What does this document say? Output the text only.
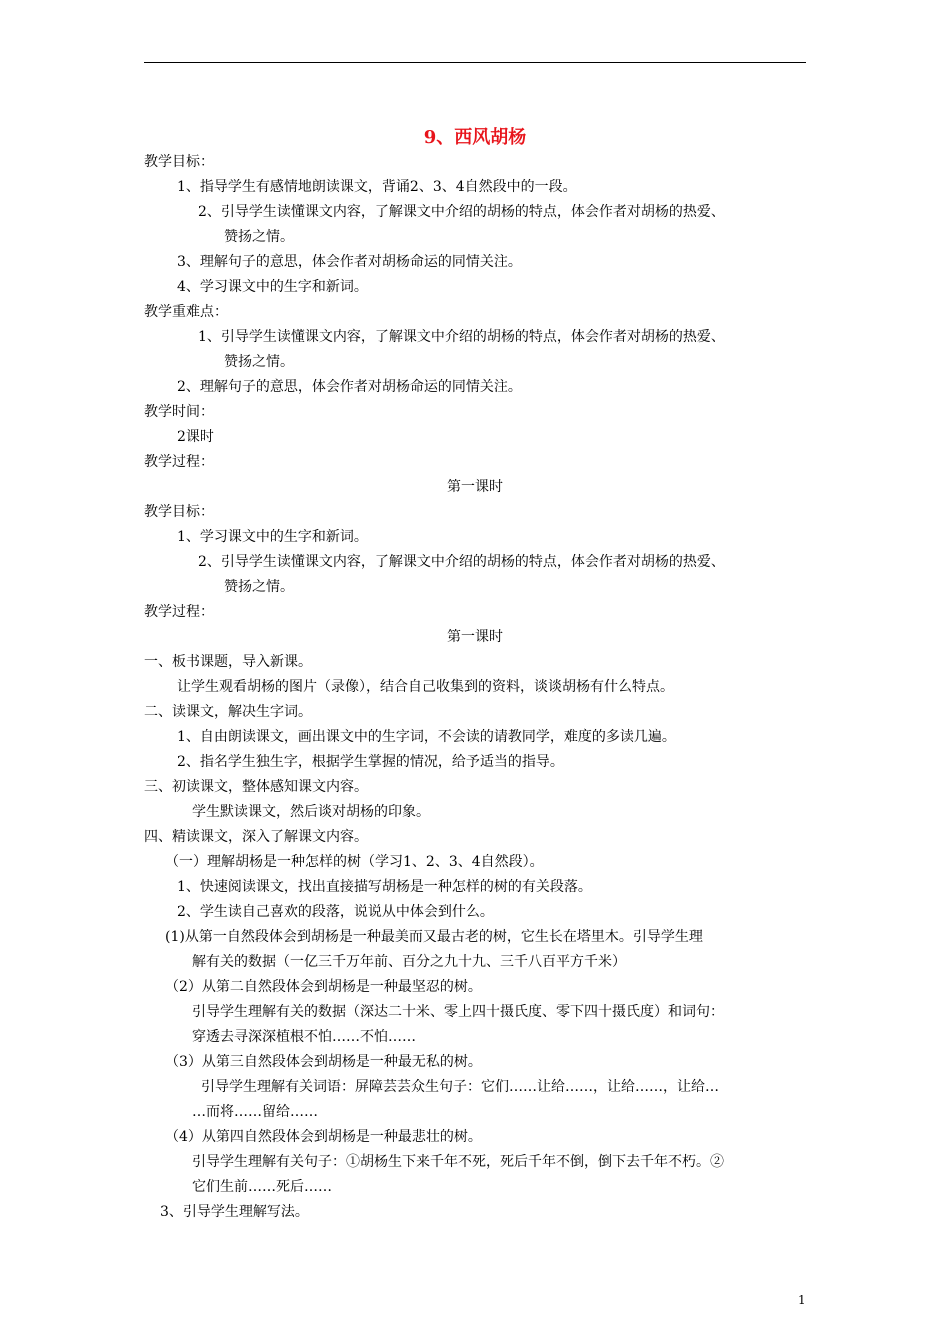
9、西风胡杨
教学目标：
1、指导学生有感情地朗读课文，背诵2、3、4自然段中的一段。
2、引导学生读懂课文内容，了解课文中介绍的胡杨的特点，体会作者对胡杨的热爱、
赞扬之情。
3、理解句子的意思，体会作者对胡杨命运的同情关注。
4、学习课文中的生字和新词。
教学重难点：
1、引导学生读懂课文内容，了解课文中介绍的胡杨的特点，体会作者对胡杨的热爱、
赞扬之情。
2、理解句子的意思，体会作者对胡杨命运的同情关注。
教学时间：
2课时
教学过程：
第一课时
教学目标：
1、学习课文中的生字和新词。
2、引导学生读懂课文内容，了解课文中介绍的胡杨的特点，体会作者对胡杨的热爱、
赞扬之情。
教学过程：
第一课时
一、板书课题，导入新课。
让学生观看胡杨的图片（录像），结合自己收集到的资料，谈谈胡杨有什么特点。
二、读课文，解决生字词。
1、自由朗读课文，画出课文中的生字词，不会读的请教同学，难度的多读几遍。
2、指名学生独生字，根据学生掌握的情况，给予适当的指导。
三、初读课文，整体感知课文内容。
学生默读课文，然后谈对胡杨的印象。
四、精读课文，深入了解课文内容。
（一）理解胡杨是一种怎样的树（学习1、2、3、4自然段）。
1、快速阅读课文，找出直接描写胡杨是一种怎样的树的有关段落。
2、学生读自己喜欢的段落，说说从中体会到什么。
(1)从第一自然段体会到胡杨是一种最美而又最古老的树，它生长在塔里木。引导学生理
解有关的数据（一亿三千万年前、百分之九十九、三千八百平方千米）
（2）从第二自然段体会到胡杨是一种最坚忍的树。
引导学生理解有关的数据（深达二十米、零上四十摄氏度、零下四十摄氏度）和词句：
穿透去寻深深植根不怕……不怕……
（3）从第三自然段体会到胡杨是一种最无私的树。
引导学生理解有关词语：屏障芸芸众生句子：它们……让给……，让给……，让给…
…而将……留给……
（4）从第四自然段体会到胡杨是一种最悲壮的树。
引导学生理解有关句子：①胡杨生下来千年不死，死后千年不倒，倒下去千年不朽。②
它们生前……死后……
3、引导学生理解写法。
1
